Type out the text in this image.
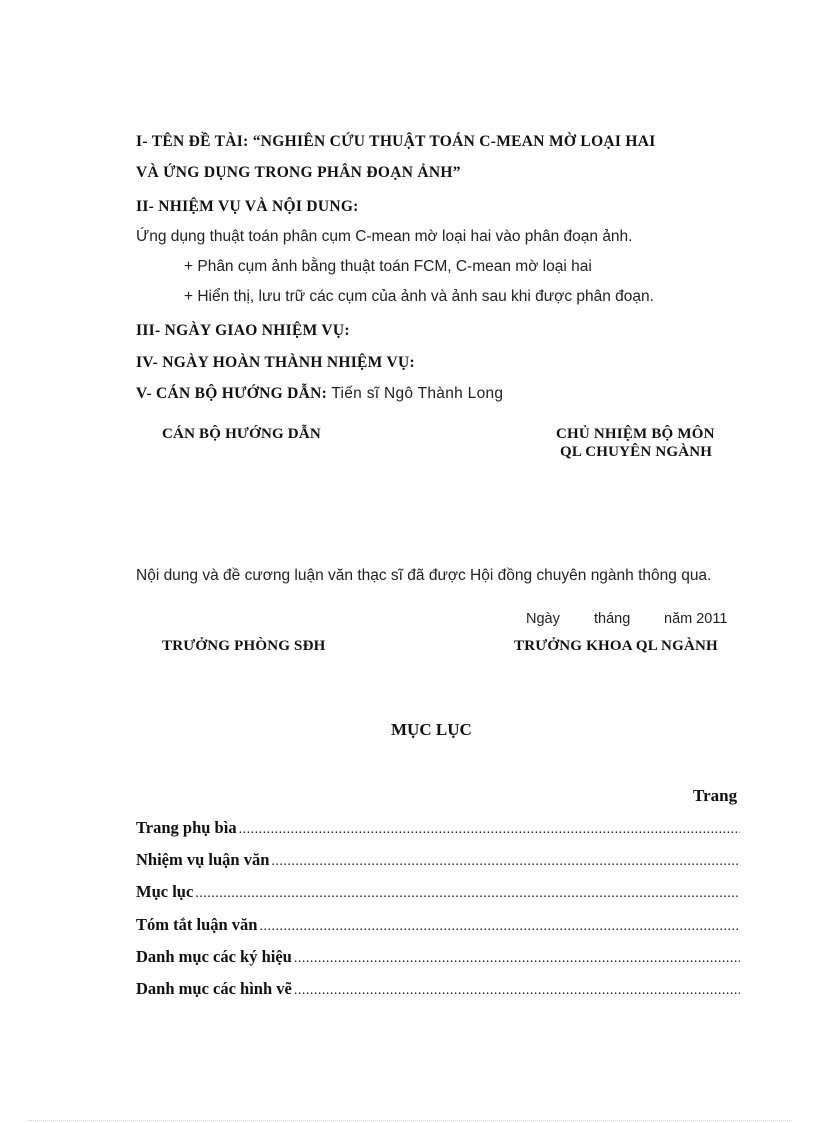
I- TÊN ĐỀ TÀI: “NGHIÊN CỨU THUẬT TOÁN C-MEAN MỜ LOẠI HAI
VÀ ỨNG DỤNG TRONG PHÂN ĐOẠN ẢNH”
II- NHIỆM VỤ VÀ NỘI DUNG:
Ứng dụng thuật toán phân cụm C-mean mờ loại hai vào phân đoạn ảnh.
+ Phân cụm ảnh bằng thuật toán FCM, C-mean mờ loại hai
+ Hiển thị, lưu trữ các cụm của ảnh và ảnh sau khi được phân đoạn.
III- NGÀY GIAO NHIỆM VỤ:
IV- NGÀY HOÀN THÀNH NHIỆM VỤ:
V- CÁN BỘ HƯỚNG DẪN: Tiến sĩ Ngô Thành Long
CÁN BỘ HƯỚNG DẪN	CHỦ NHIỆM BỘ MÔN
QL CHUYÊN NGÀNH
Nội dung và đề cương luận văn thạc sĩ đã được Hội đồng chuyên ngành thông qua.
Ngày tháng năm 2011
TRƯỞNG PHÒNG SĐH	TRƯỞNG KHOA QL NGÀNH
MỤC LỤC
Trang
Trang phụ bìa
.....
Nhiệm vụ luận văn
.....
Mục lục
.....
Tóm tắt luận văn
.....
Danh mục các ký hiệu
.....
Danh mục các hình vẽ
.....
